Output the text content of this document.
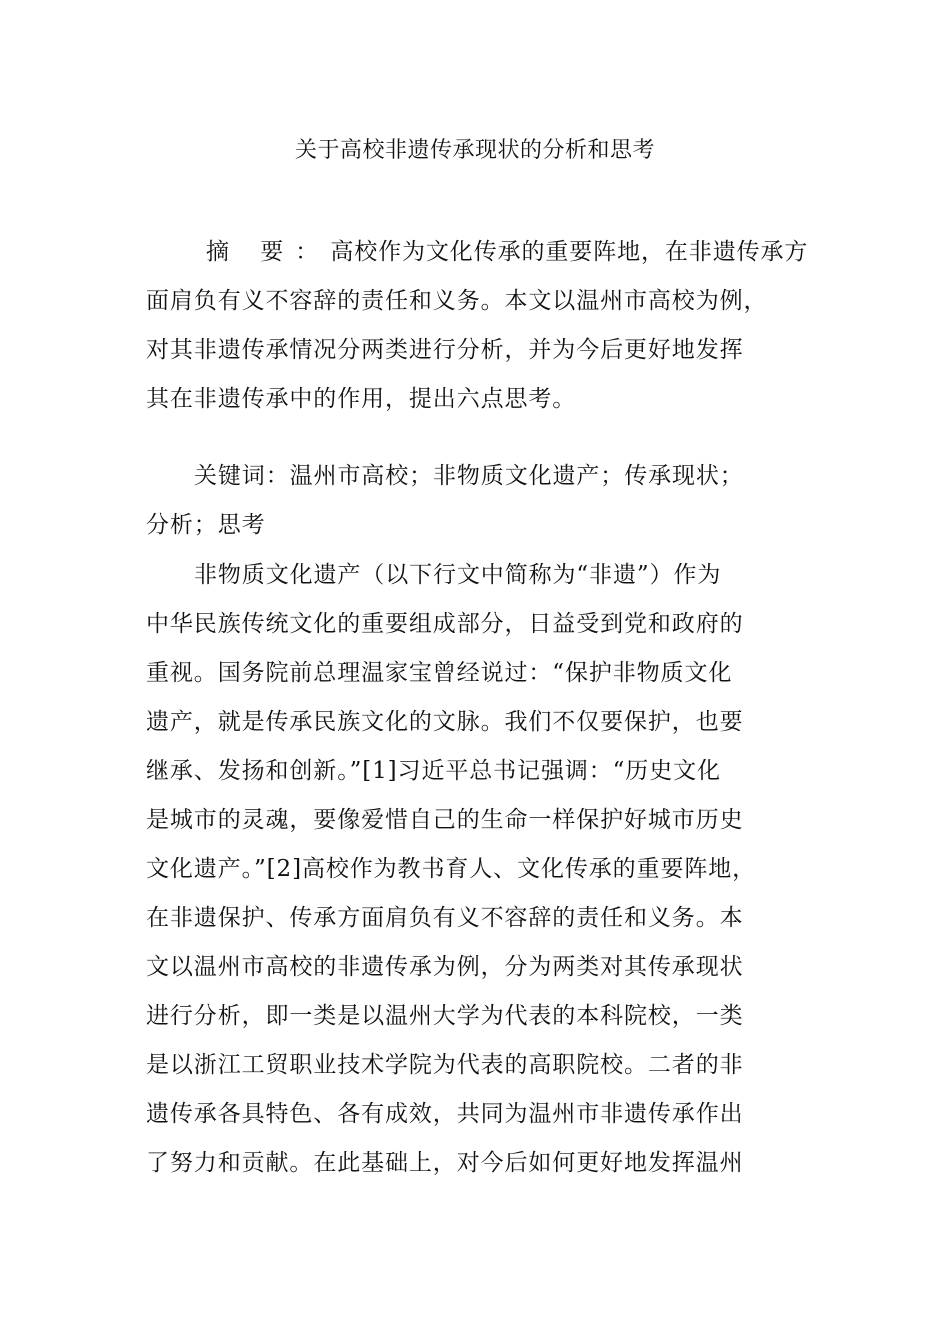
关于高校非遗传承现状的分析和思考
摘 要：高校作为文化传承的重要阵地，在非遗传承方
面肩负有义不容辞的责任和义务。本文以温州市高校为例，
对其非遗传承情况分两类进行分析，并为今后更好地发挥
其在非遗传承中的作用，提出六点思考。
关键词：温州市高校；非物质文化遗产；传承现状；
分析；思考
非物质文化遗产（以下行文中简称为“非遗”）作为
中华民族传统文化的重要组成部分，日益受到党和政府的
重视。国务院前总理温家宝曾经说过：“保护非物质文化
遗产，就是传承民族文化的文脉。我们不仅要保护，也要
继承、发扬和创新。”[1]习近平总书记强调：“历史文化
是城市的灵魂，要像爱惜自己的生命一样保护好城市历史
文化遗产。”[2]高校作为教书育人、文化传承的重要阵地，
在非遗保护、传承方面肩负有义不容辞的责任和义务。本
文以温州市高校的非遗传承为例，分为两类对其传承现状
进行分析，即一类是以温州大学为代表的本科院校，一类
是以浙江工贸职业技术学院为代表的高职院校。二者的非
遗传承各具特色、各有成效，共同为温州市非遗传承作出
了努力和贡献。在此基础上，对今后如何更好地发挥温州
